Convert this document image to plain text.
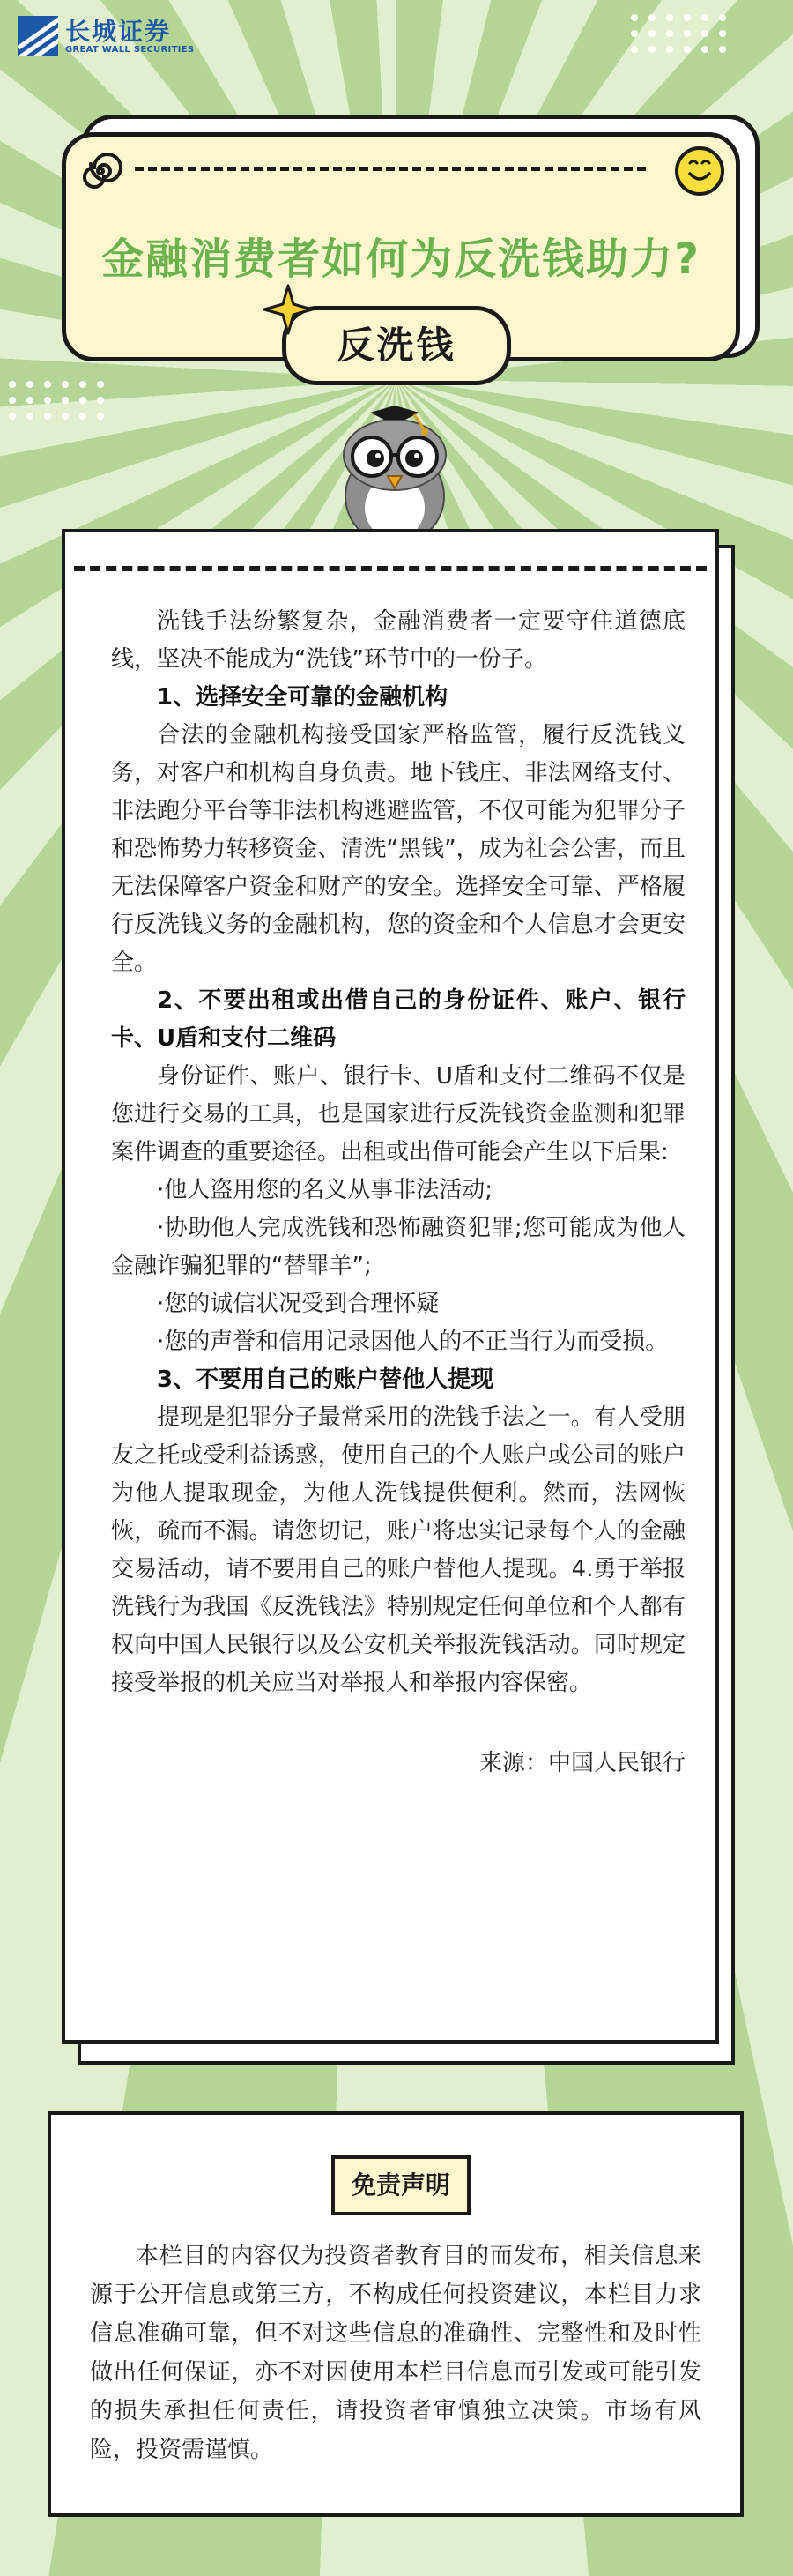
长城证券
GREAT WALL SECURITIES
金融消费者如何为反洗钱助力?
反洗钱

洗钱手法纷繁复杂，金融消费者一定要守住道德底线，坚决不能成为“洗钱”环节中的一份子。

1、选择安全可靠的金融机构

合法的金融机构接受国家严格监管，履行反洗钱义务，对客户和机构自身负责。地下钱庄、非法网络支付、非法跑分平台等非法机构逃避监管，不仅可能为犯罪分子和恐怖势力转移资金、清洗“黑钱”，成为社会公害，而且无法保障客户资金和财产的安全。选择安全可靠、严格履行反洗钱义务的金融机构，您的资金和个人信息才会更安全。

2、不要出租或出借自己的身份证件、账户、银行卡、U盾和支付二维码

身份证件、账户、银行卡、U盾和支付二维码不仅是您进行交易的工具，也是国家进行反洗钱资金监测和犯罪案件调查的重要途径。出租或出借可能会产生以下后果:

·他人盗用您的名义从事非法活动;

·协助他人完成洗钱和恐怖融资犯罪;您可能成为他人金融诈骗犯罪的“替罪羊”;

·您的诚信状况受到合理怀疑

·您的声誉和信用记录因他人的不正当行为而受损。

3、不要用自己的账户替他人提现

提现是犯罪分子最常采用的洗钱手法之一。有人受朋友之托或受利益诱惑，使用自己的个人账户或公司的账户为他人提取现金，为他人洗钱提供便利。然而，法网恢恢，疏而不漏。请您切记，账户将忠实记录每个人的金融交易活动，请不要用自己的账户替他人提现。4.勇于举报洗钱行为我国《反洗钱法》特别规定任何单位和个人都有权向中国人民银行以及公安机关举报洗钱活动。同时规定接受举报的机关应当对举报人和举报内容保密。

来源：中国人民银行

免责声明
本栏目的内容仅为投资者教育目的而发布，相关信息来源于公开信息或第三方，不构成任何投资建议，本栏目力求信息准确可靠，但不对这些信息的准确性、完整性和及时性做出任何保证，亦不对因使用本栏目信息而引发或可能引发的损失承担任何责任，请投资者审慎独立决策。市场有风险，投资需谨慎。
